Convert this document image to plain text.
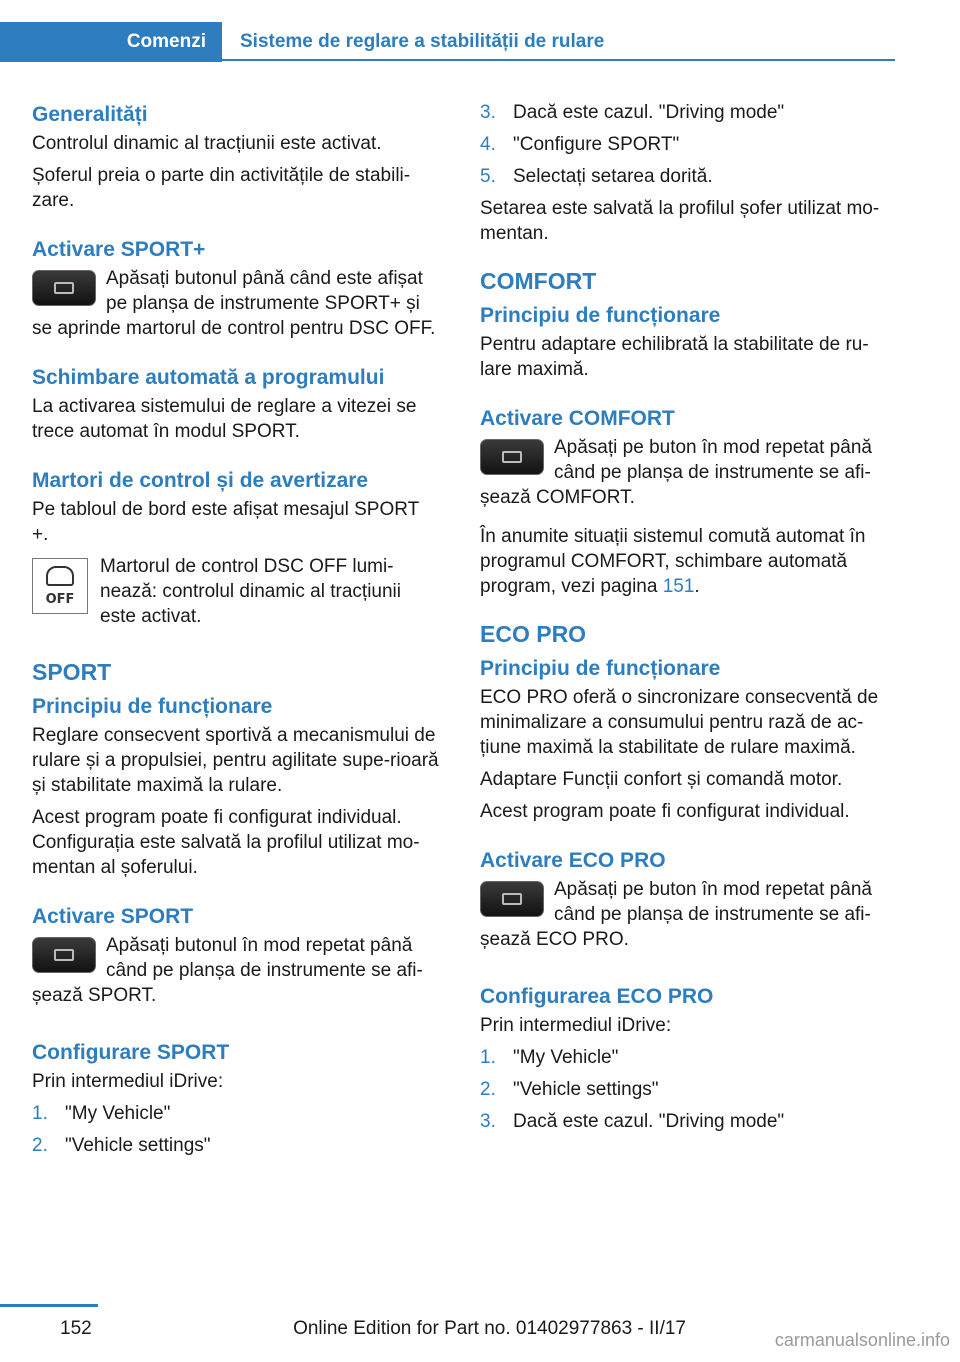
Comenzi Sisteme de reglare a stabilității de rulare
Generalități

Controlul dinamic al tracțiunii este activat.

Șoferul preia o parte din activitățile de stabili-zare.

Activare SPORT+

Apăsați butonul până când este afișat pe planșa de instrumente SPORT+ și se aprinde martorul de control pentru DSC OFF.

Schimbare automată a programului

La activarea sistemului de reglare a vitezei se trece automat în modul SPORT.

Martori de control și de avertizare

Pe tabloul de bord este afișat mesajul SPORT +.

OFF

Martorul de control DSC OFF lumi-nează: controlul dinamic al tracțiunii este activat.

SPORT
Principiu de funcționare

Reglare consecvent sportivă a mecanismului de rulare și a propulsiei, pentru agilitate supe-rioară și stabilitate maximă la rulare.

Acest program poate fi configurat individual. Configurația este salvată la profilul utilizat mo-mentan al șoferului.

Activare SPORT

Apăsați butonul în mod repetat până când pe planșa de instrumente se afi-șează SPORT.

Configurare SPORT

Prin intermediul iDrive:

1. "My Vehicle"
2. "Vehicle settings"
3. Dacă este cazul. "Driving mode"
4. "Configure SPORT"
5. Selectați setarea dorită.

Setarea este salvată la profilul șofer utilizat mo-mentan.

COMFORT
Principiu de funcționare

Pentru adaptare echilibrată la stabilitate de ru-lare maximă.

Activare COMFORT

Apăsați pe buton în mod repetat până când pe planșa de instrumente se afi-șează COMFORT.

În anumite situații sistemul comută automat în programul COMFORT, schimbare automată program, vezi pagina 151.

ECO PRO
Principiu de funcționare

ECO PRO oferă o sincronizare consecventă de minimalizare a consumului pentru rază de ac-țiune maximă la stabilitate de rulare maximă.

Adaptare Funcții confort și comandă motor.

Acest program poate fi configurat individual.

Activare ECO PRO

Apăsați pe buton în mod repetat până când pe planșa de instrumente se afi-șează ECO PRO.

Configurarea ECO PRO

Prin intermediul iDrive:

1. "My Vehicle"
2. "Vehicle settings"
3. Dacă este cazul. "Driving mode"
152	Online Edition for Part no. 01402977863 - II/17
carmanualsonline.info
